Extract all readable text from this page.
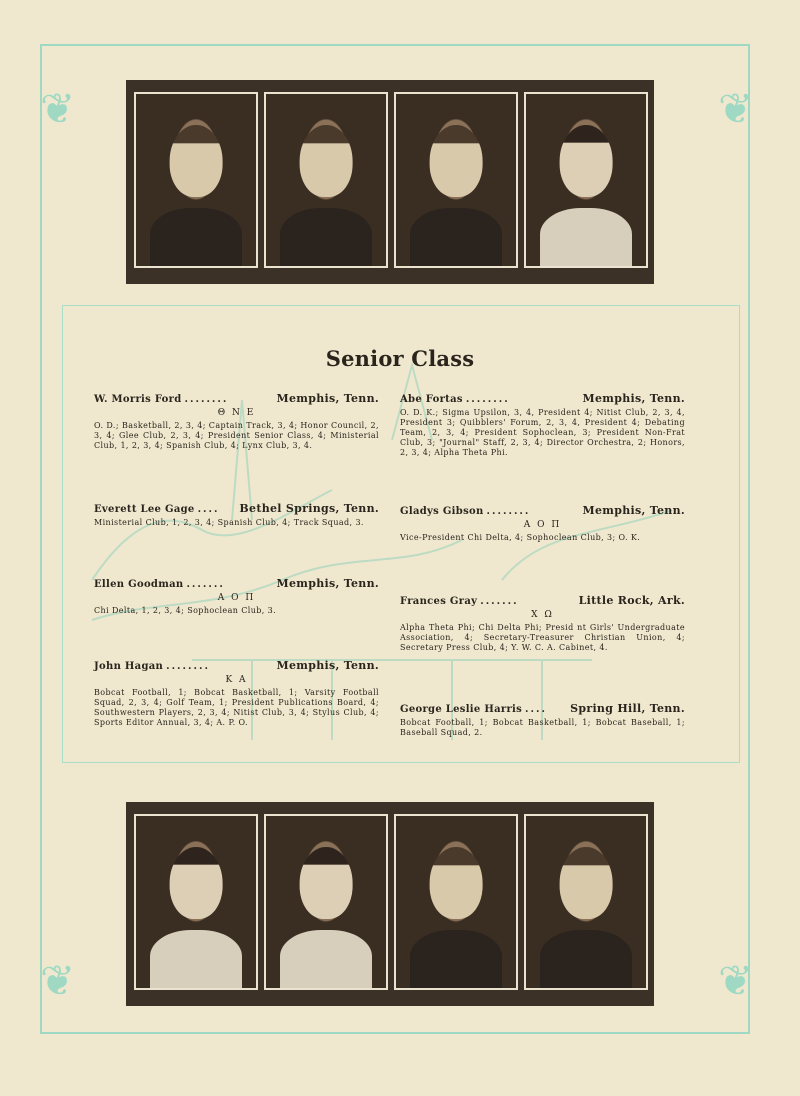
❦	❦
❦	❦
Senior Class
W. Morris Ford ........	Memphis, Tenn.
Θ N E
O. D.; Basketball, 2, 3, 4; Captain Track, 3, 4; Honor Council, 2, 3, 4; Glee Club, 2, 3, 4; President Senior Class, 4; Ministerial Club, 1, 2, 3, 4; Spanish Club, 4; Lynx Club, 3, 4.
Abe Fortas ........	Memphis, Tenn.
O. D. K.; Sigma Upsilon, 3, 4, President 4; Nitist Club, 2, 3, 4, President 3; Quibblers' Forum, 2, 3, 4, President 4; Debating Team, 2, 3, 4; President Sophoclean, 3; President Non-Frat Club, 3; "Journal" Staff, 2, 3, 4; Director Orchestra, 2; Honors, 2, 3, 4; Alpha Theta Phi.
Everett Lee Gage ....	Bethel Springs, Tenn.
Ministerial Club, 1, 2, 3, 4; Spanish Club, 4; Track Squad, 3.
Gladys Gibson ........	Memphis, Tenn.
A O Π
Vice-President Chi Delta, 4; Sophoclean Club, 3; O. K.
Ellen Goodman .......	Memphis, Tenn.
A O Π
Chi Delta, 1, 2, 3, 4; Sophoclean Club, 3.
Frances Gray .......	Little Rock, Ark.
X Ω
Alpha Theta Phi; Chi Delta Phi; Presid nt Girls' Undergraduate Association, 4; Secretary-Treasurer Christian Union, 4; Secretary Press Club, 4; Y. W. C. A. Cabinet, 4.
John Hagan ........	Memphis, Tenn.
K A
Bobcat Football, 1; Bobcat Basketball, 1; Varsity Football Squad, 2, 3, 4; Golf Team, 1; President Publications Board, 4; Southwestern Players, 2, 3, 4; Nitist Club, 3, 4; Stylus Club, 4; Sports Editor Annual, 3, 4; A. P. O.
George Leslie Harris ....	Spring Hill, Tenn.
Bobcat Football, 1; Bobcat Basketball, 1; Bobcat Baseball, 1; Baseball Squad, 2.
